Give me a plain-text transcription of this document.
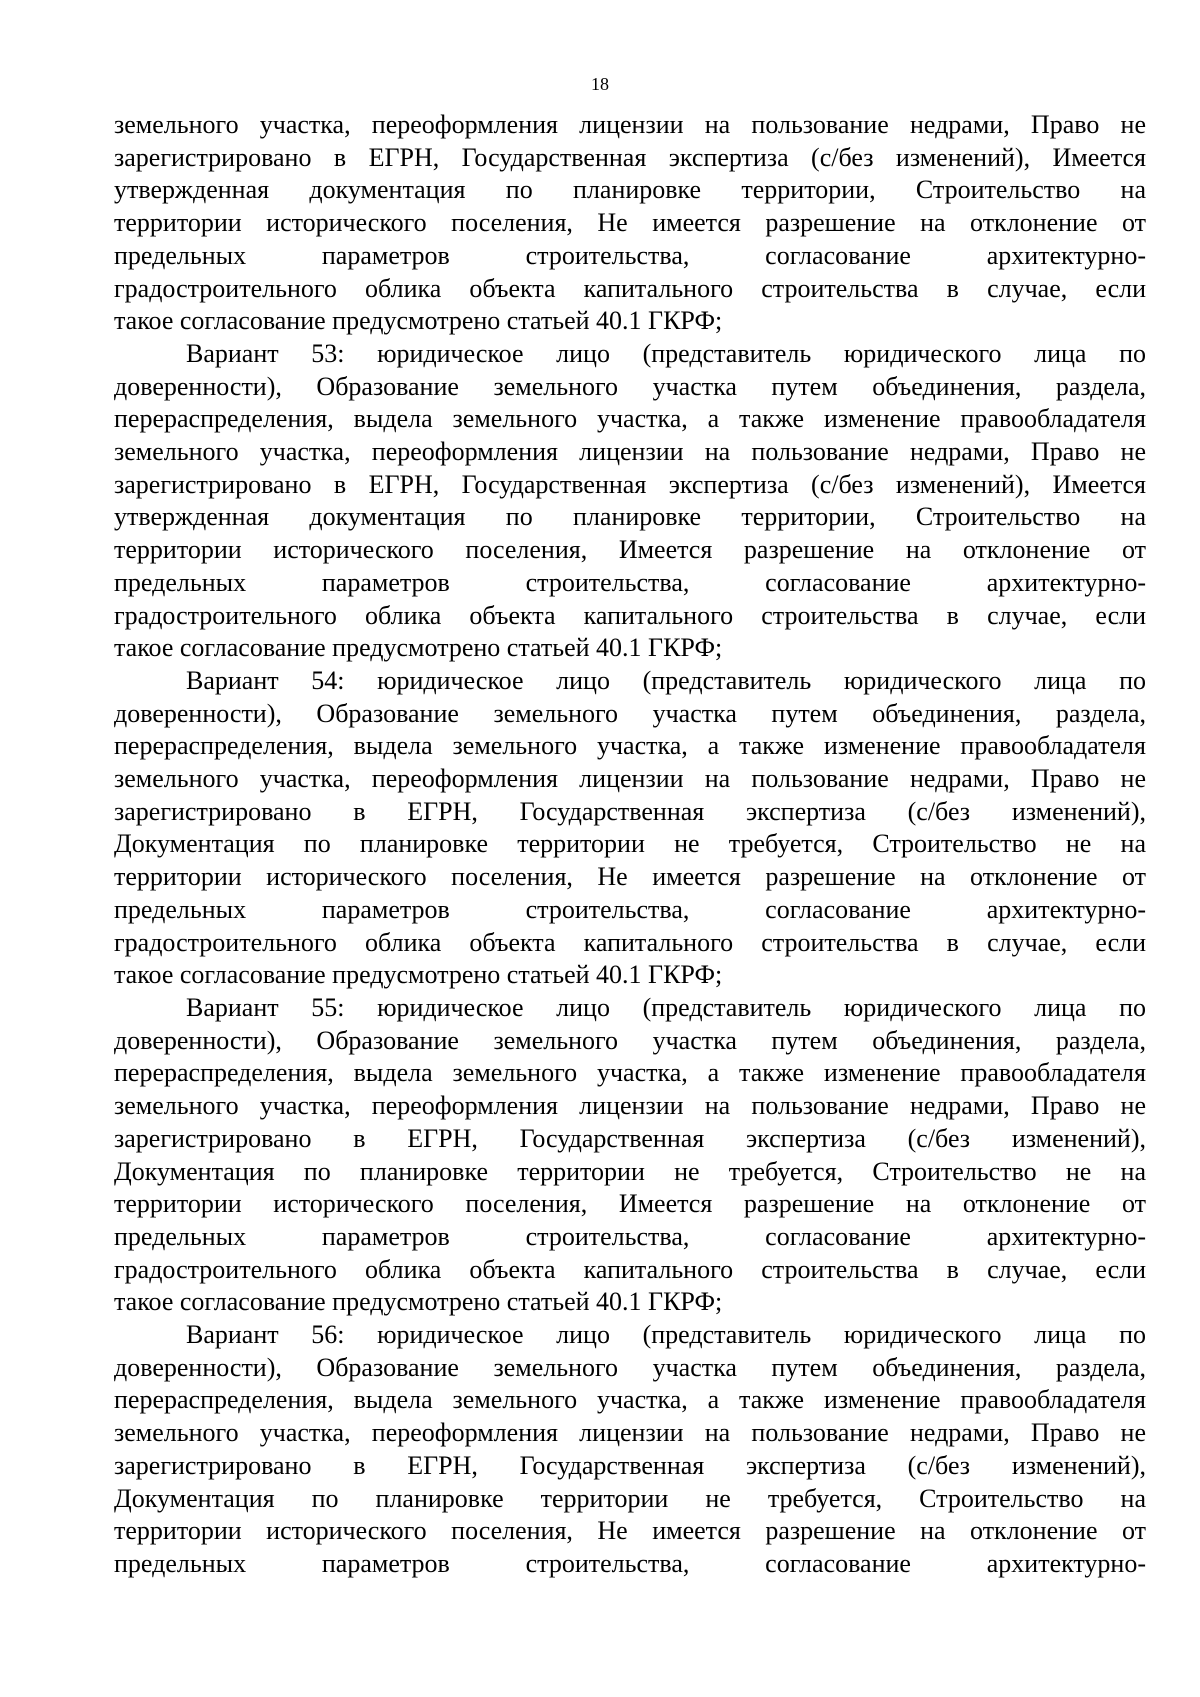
18
земельного участка, переоформления лицензии на пользование недрами, Право не
зарегистрировано в ЕГРН, Государственная экспертиза (с/без изменений), Имеется
утвержденная документация по планировке территории, Строительство на
территории исторического поселения, Не имеется разрешение на отклонение от
предельных параметров строительства, согласование архитектурно-
градостроительного облика объекта капитального строительства в случае, если
такое согласование предусмотрено статьей 40.1 ГКРФ;
Вариант 53: юридическое лицо (представитель юридического лица по
доверенности), Образование земельного участка путем объединения, раздела,
перераспределения, выдела земельного участка, а также изменение правообладателя
земельного участка, переоформления лицензии на пользование недрами, Право не
зарегистрировано в ЕГРН, Государственная экспертиза (с/без изменений), Имеется
утвержденная документация по планировке территории, Строительство на
территории исторического поселения, Имеется разрешение на отклонение от
предельных параметров строительства, согласование архитектурно-
градостроительного облика объекта капитального строительства в случае, если
такое согласование предусмотрено статьей 40.1 ГКРФ;
Вариант 54: юридическое лицо (представитель юридического лица по
доверенности), Образование земельного участка путем объединения, раздела,
перераспределения, выдела земельного участка, а также изменение правообладателя
земельного участка, переоформления лицензии на пользование недрами, Право не
зарегистрировано в ЕГРН, Государственная экспертиза (с/без изменений),
Документация по планировке территории не требуется, Строительство не на
территории исторического поселения, Не имеется разрешение на отклонение от
предельных параметров строительства, согласование архитектурно-
градостроительного облика объекта капитального строительства в случае, если
такое согласование предусмотрено статьей 40.1 ГКРФ;
Вариант 55: юридическое лицо (представитель юридического лица по
доверенности), Образование земельного участка путем объединения, раздела,
перераспределения, выдела земельного участка, а также изменение правообладателя
земельного участка, переоформления лицензии на пользование недрами, Право не
зарегистрировано в ЕГРН, Государственная экспертиза (с/без изменений),
Документация по планировке территории не требуется, Строительство не на
территории исторического поселения, Имеется разрешение на отклонение от
предельных параметров строительства, согласование архитектурно-
градостроительного облика объекта капитального строительства в случае, если
такое согласование предусмотрено статьей 40.1 ГКРФ;
Вариант 56: юридическое лицо (представитель юридического лица по
доверенности), Образование земельного участка путем объединения, раздела,
перераспределения, выдела земельного участка, а также изменение правообладателя
земельного участка, переоформления лицензии на пользование недрами, Право не
зарегистрировано в ЕГРН, Государственная экспертиза (с/без изменений),
Документация по планировке территории не требуется, Строительство на
территории исторического поселения, Не имеется разрешение на отклонение от
предельных параметров строительства, согласование архитектурно-
